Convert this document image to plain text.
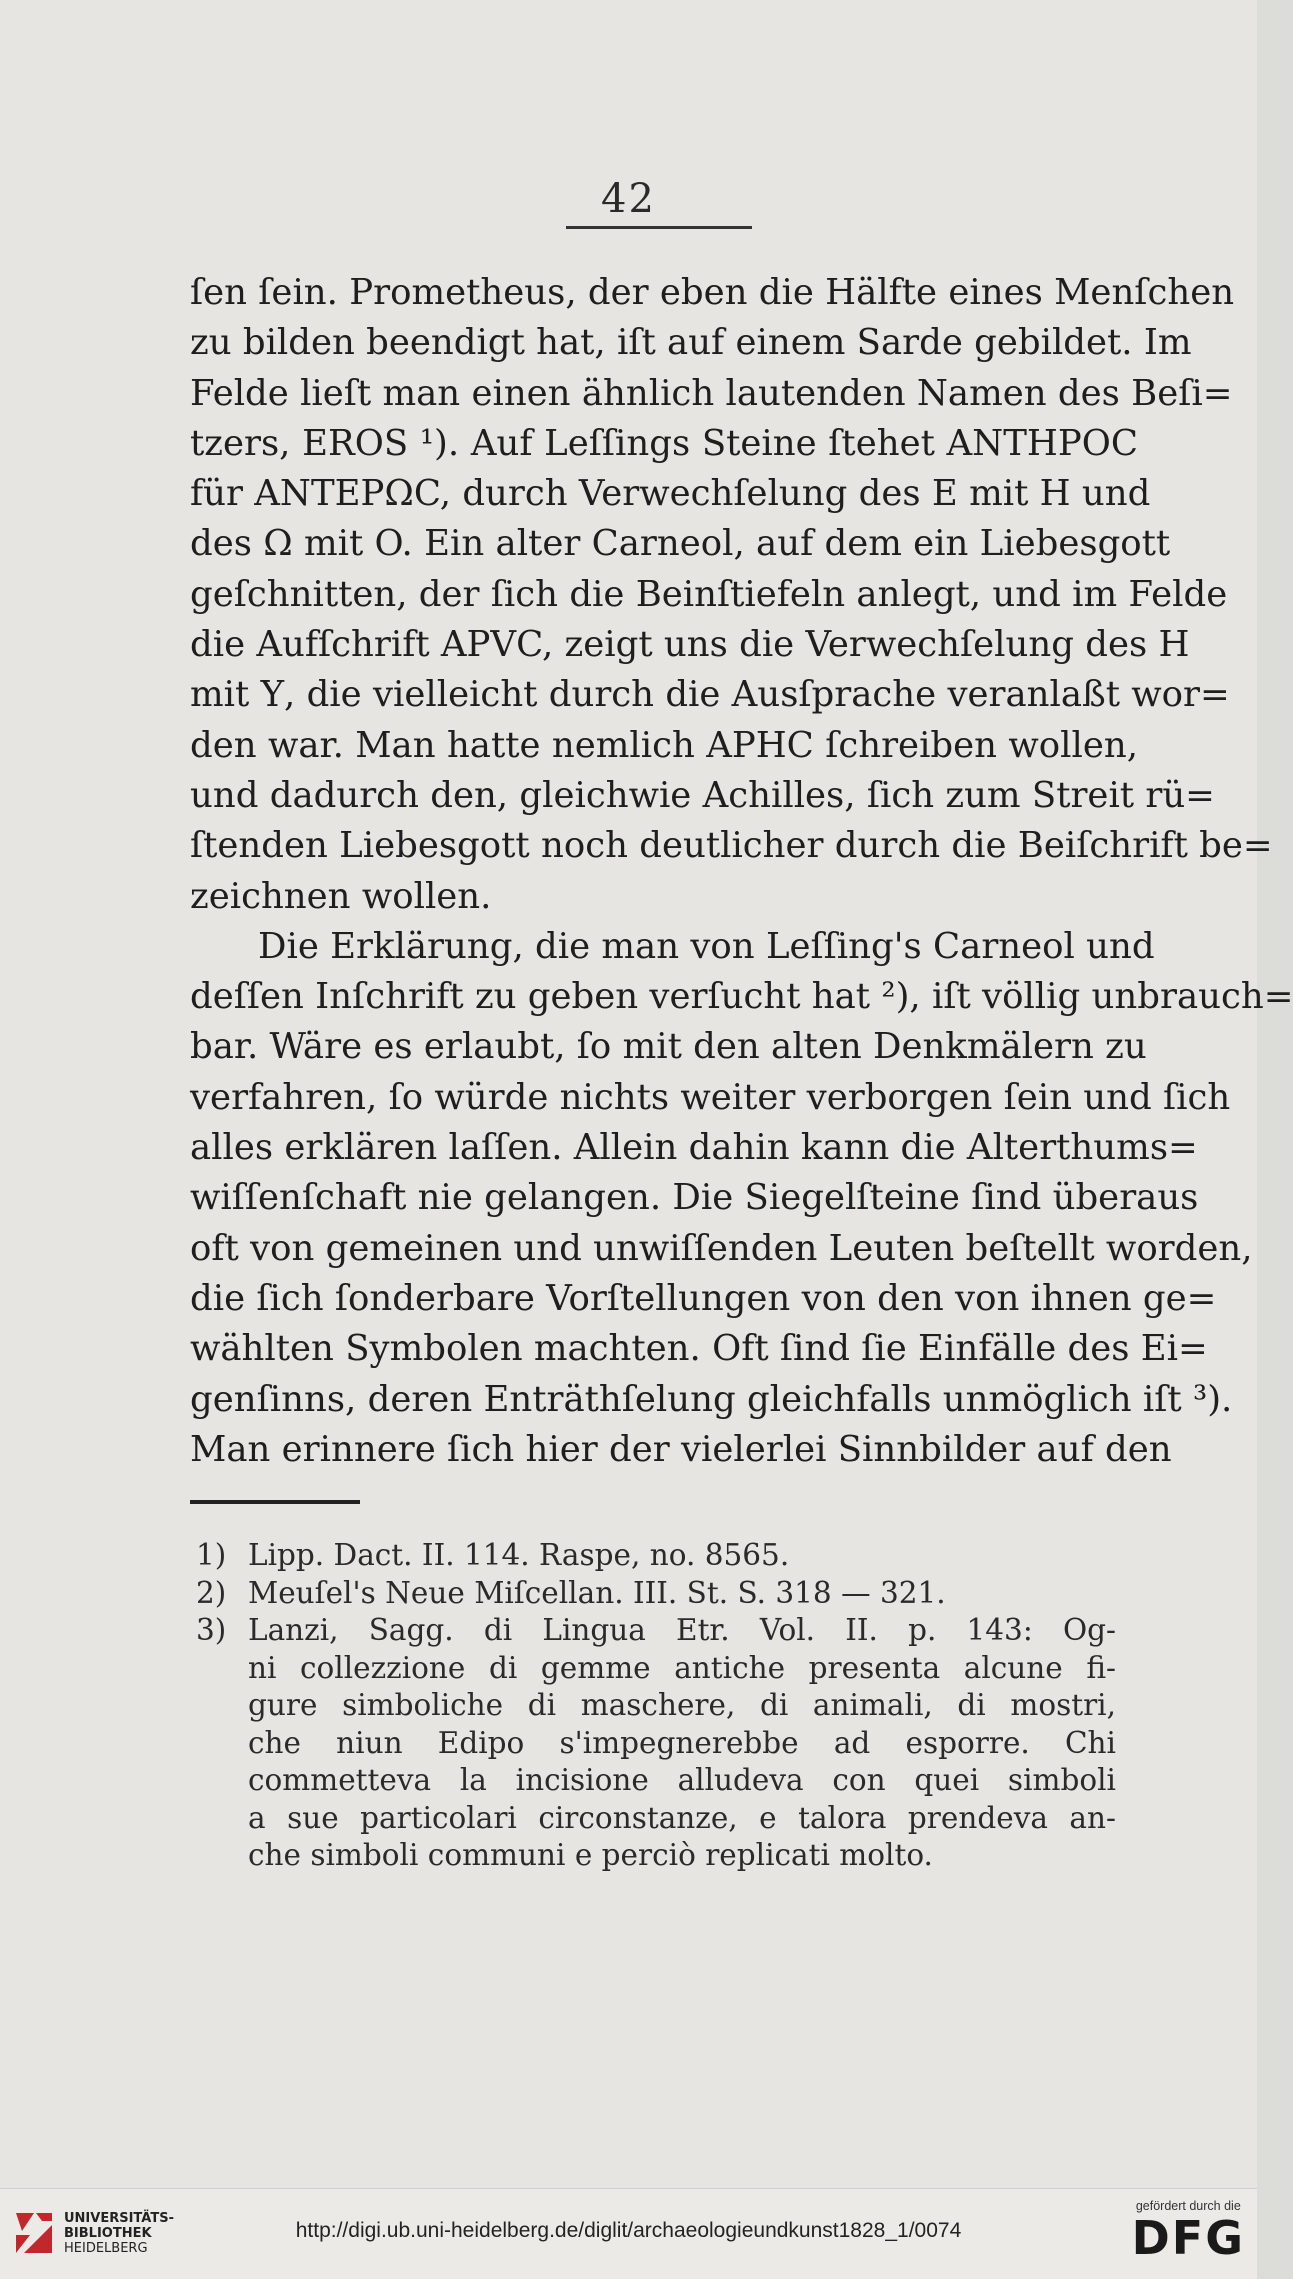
42
ſen ſein. Prometheus, der eben die Hälfte eines Menſchen
zu bilden beendigt hat, iſt auf einem Sarde gebildet. Im
Felde lieſt man einen ähnlich lautenden Namen des Beſi=
tzers, EROS ¹). Auf Leſſings Steine ſtehet ANTHPOC
für ANTEPΩC, durch Verwechſelung des E mit H und
des Ω mit O. Ein alter Carneol, auf dem ein Liebesgott
geſchnitten, der ſich die Beinſtiefeln anlegt, und im Felde
die Aufſchrift APVC, zeigt uns die Verwechſelung des H
mit Υ, die vielleicht durch die Ausſprache veranlaßt wor=
den war. Man hatte nemlich APHC ſchreiben wollen,
und dadurch den, gleichwie Achilles, ſich zum Streit rü=
ſtenden Liebesgott noch deutlicher durch die Beiſchrift be=
zeichnen wollen.
Die Erklärung, die man von Leſſing's Carneol und
deſſen Inſchrift zu geben verſucht hat ²), iſt völlig unbrauch=
bar. Wäre es erlaubt, ſo mit den alten Denkmälern zu
verfahren, ſo würde nichts weiter verborgen ſein und ſich
alles erklären laſſen. Allein dahin kann die Alterthums=
wiſſenſchaft nie gelangen. Die Siegelſteine ſind überaus
oft von gemeinen und unwiſſenden Leuten beſtellt worden,
die ſich ſonderbare Vorſtellungen von den von ihnen ge=
wählten Symbolen machten. Oft ſind ſie Einfälle des Ei=
genſinns, deren Enträthſelung gleichfalls unmöglich iſt ³).
Man erinnere ſich hier der vielerlei Sinnbilder auf den
1) Lipp. Dact. II. 114. Raspe, no. 8565.
2) Meuſel's Neue Miſcellan. III. St. S. 318 — 321.
3) Lanzi, Sagg. di Lingua Etr. Vol. II. p. 143: Og-
ni collezzione di gemme antiche presenta alcune fi-
gure simboliche di maschere, di animali, di mostri,
che niun Edipo s'impegnerebbe ad esporre. Chi
commetteva la incisione alludeva con quei simboli
a sue particolari circonstanze, e talora prendeva an-
che simboli communi e perciò replicati molto.
UNIVERSITÄTS-
BIBLIOTHEK
HEIDELBERG
http://digi.ub.uni-heidelberg.de/diglit/archaeologieundkunst1828_1/0074
gefördert durch die
DFG
